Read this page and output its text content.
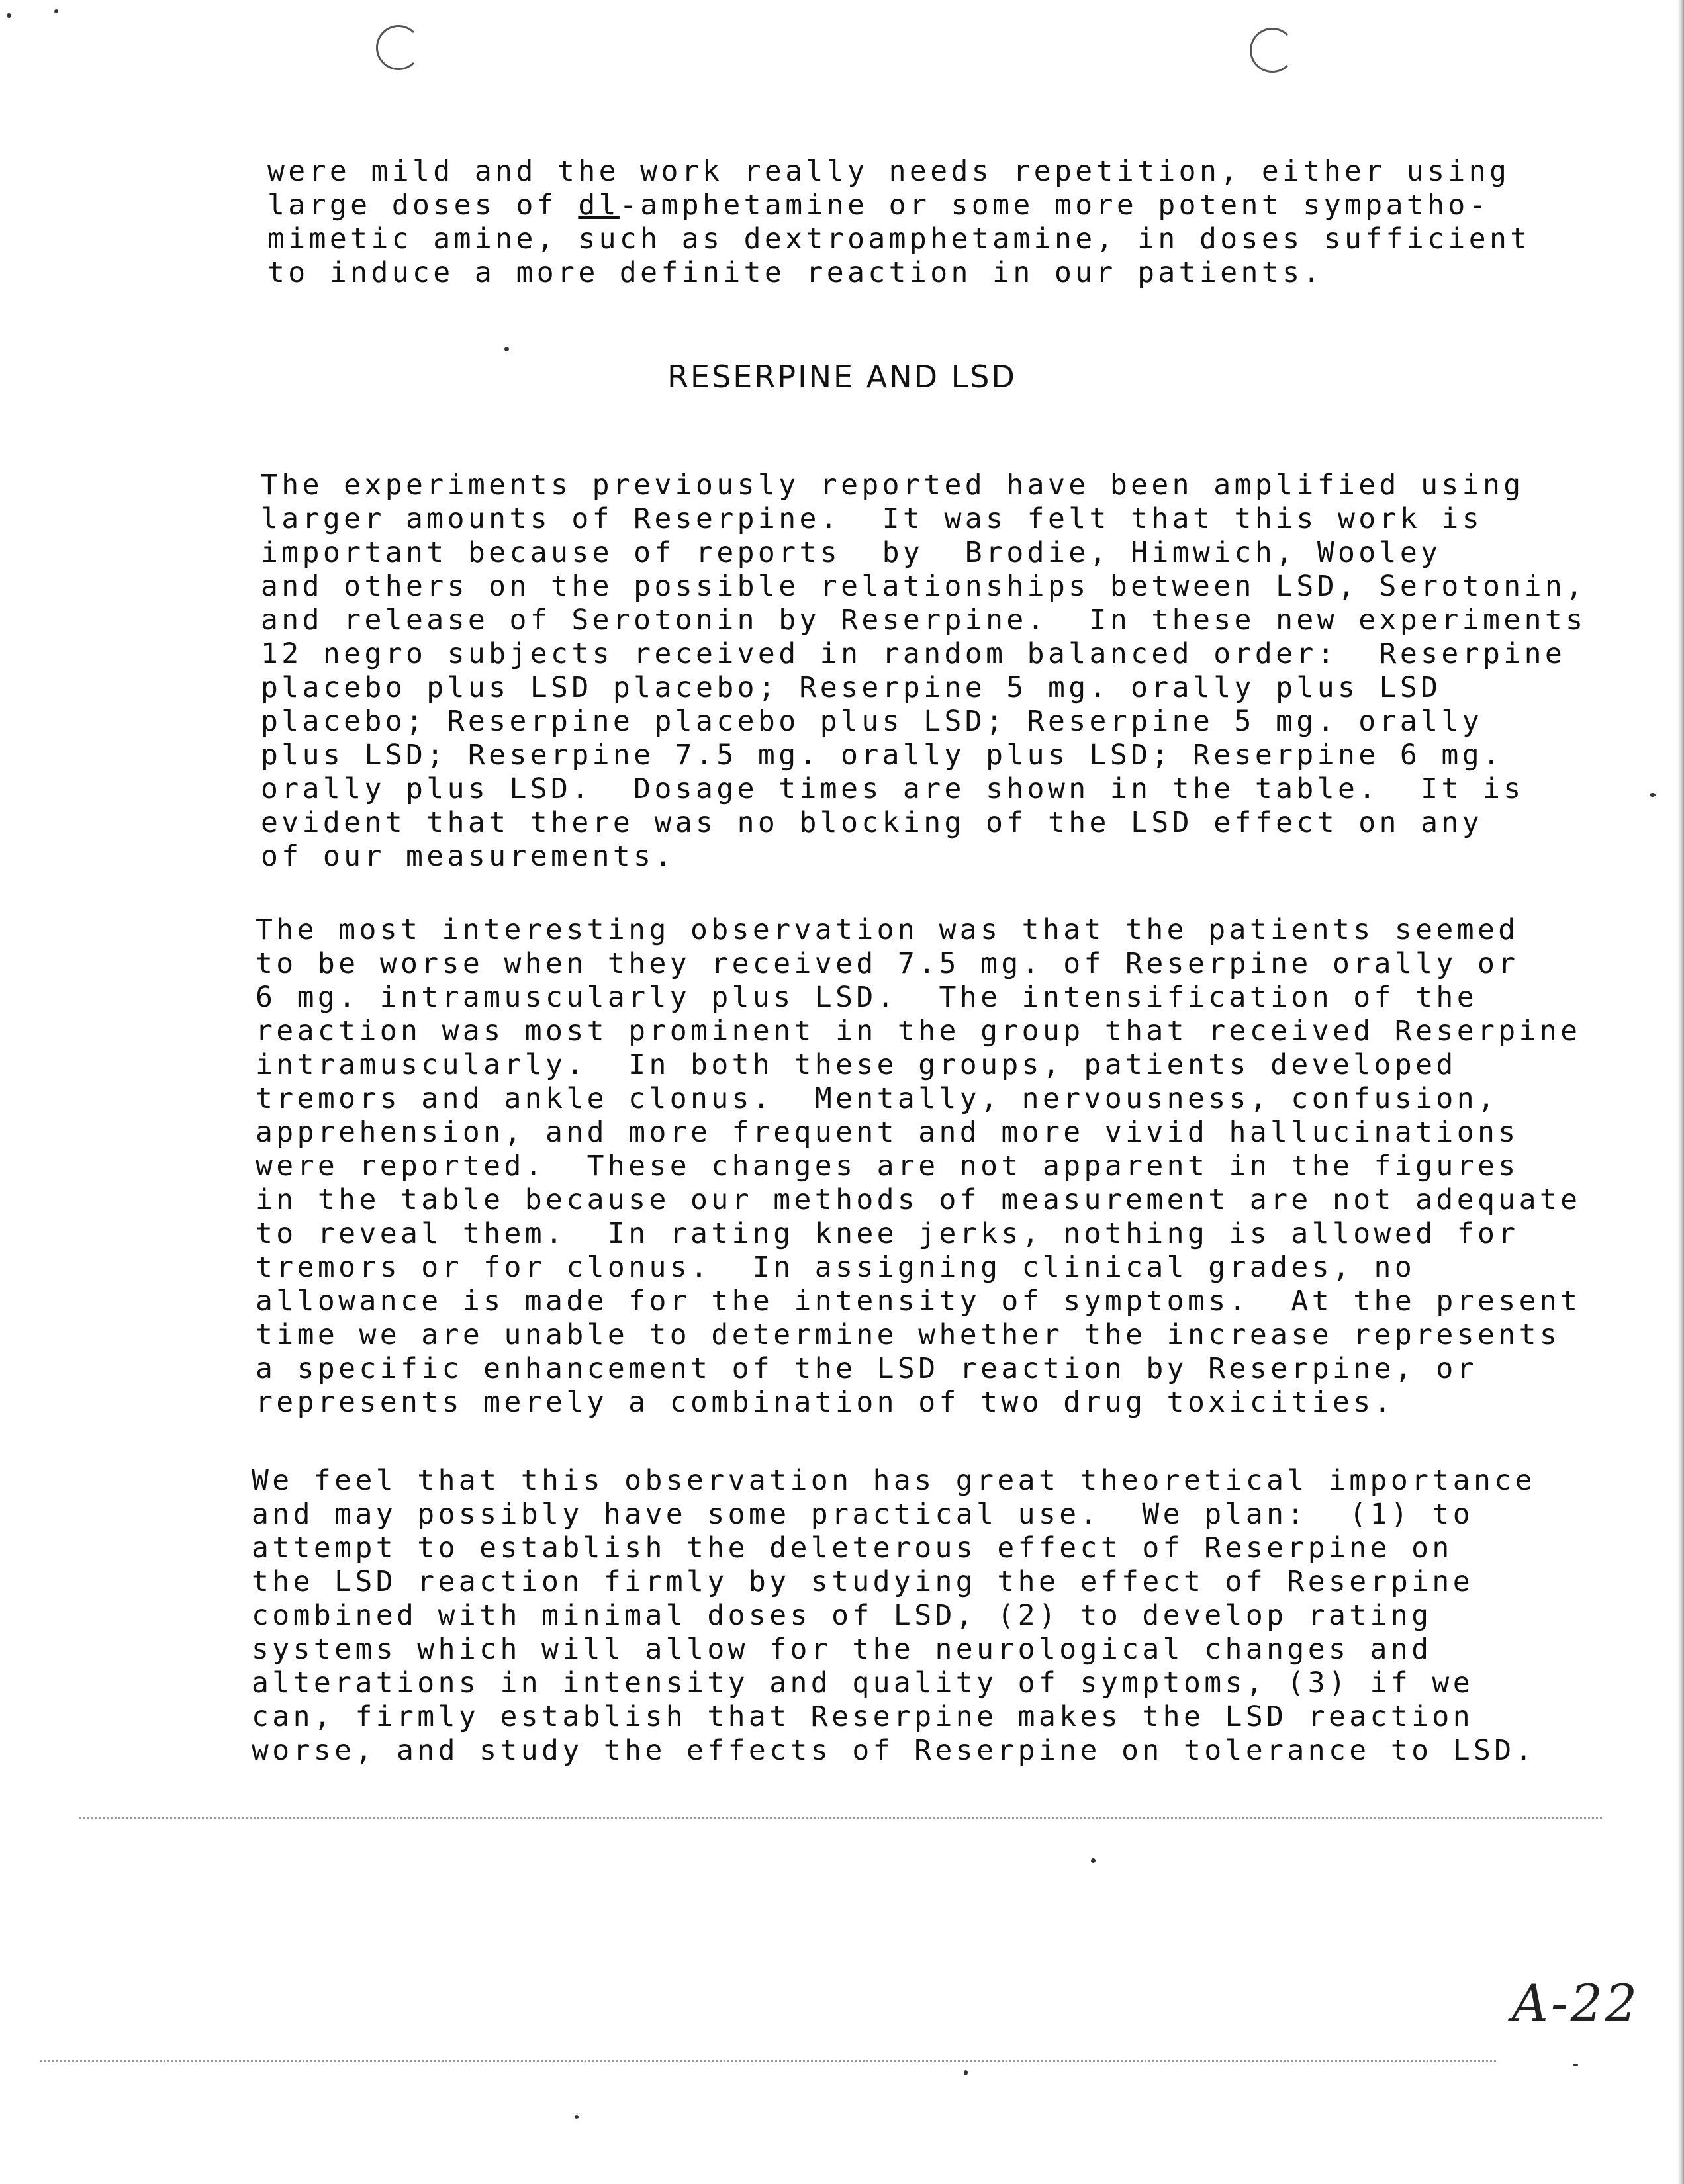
were mild and the work really needs repetition, either using
large doses of dl-amphetamine or some more potent sympatho-
mimetic amine, such as dextroamphetamine, in doses sufficient
to induce a more definite reaction in our patients.
RESERPINE AND LSD
The experiments previously reported have been amplified using
larger amounts of Reserpine.  It was felt that this work is
important because of reports  by  Brodie, Himwich, Wooley
and others on the possible relationships between LSD, Serotonin,
and release of Serotonin by Reserpine.  In these new experiments
12 negro subjects received in random balanced order:  Reserpine
placebo plus LSD placebo; Reserpine 5 mg. orally plus LSD
placebo; Reserpine placebo plus LSD; Reserpine 5 mg. orally
plus LSD; Reserpine 7.5 mg. orally plus LSD; Reserpine 6 mg.
orally plus LSD.  Dosage times are shown in the table.  It is
evident that there was no blocking of the LSD effect on any
of our measurements.
The most interesting observation was that the patients seemed
to be worse when they received 7.5 mg. of Reserpine orally or
6 mg. intramuscularly plus LSD.  The intensification of the
reaction was most prominent in the group that received Reserpine
intramuscularly.  In both these groups, patients developed
tremors and ankle clonus.  Mentally, nervousness, confusion,
apprehension, and more frequent and more vivid hallucinations
were reported.  These changes are not apparent in the figures
in the table because our methods of measurement are not adequate
to reveal them.  In rating knee jerks, nothing is allowed for
tremors or for clonus.  In assigning clinical grades, no
allowance is made for the intensity of symptoms.  At the present
time we are unable to determine whether the increase represents
a specific enhancement of the LSD reaction by Reserpine, or
represents merely a combination of two drug toxicities.
We feel that this observation has great theoretical importance
and may possibly have some practical use.  We plan:  (1) to
attempt to establish the deleterous effect of Reserpine on
the LSD reaction firmly by studying the effect of Reserpine
combined with minimal doses of LSD, (2) to develop rating
systems which will allow for the neurological changes and
alterations in intensity and quality of symptoms, (3) if we
can, firmly establish that Reserpine makes the LSD reaction
worse, and study the effects of Reserpine on tolerance to LSD.
A-22
